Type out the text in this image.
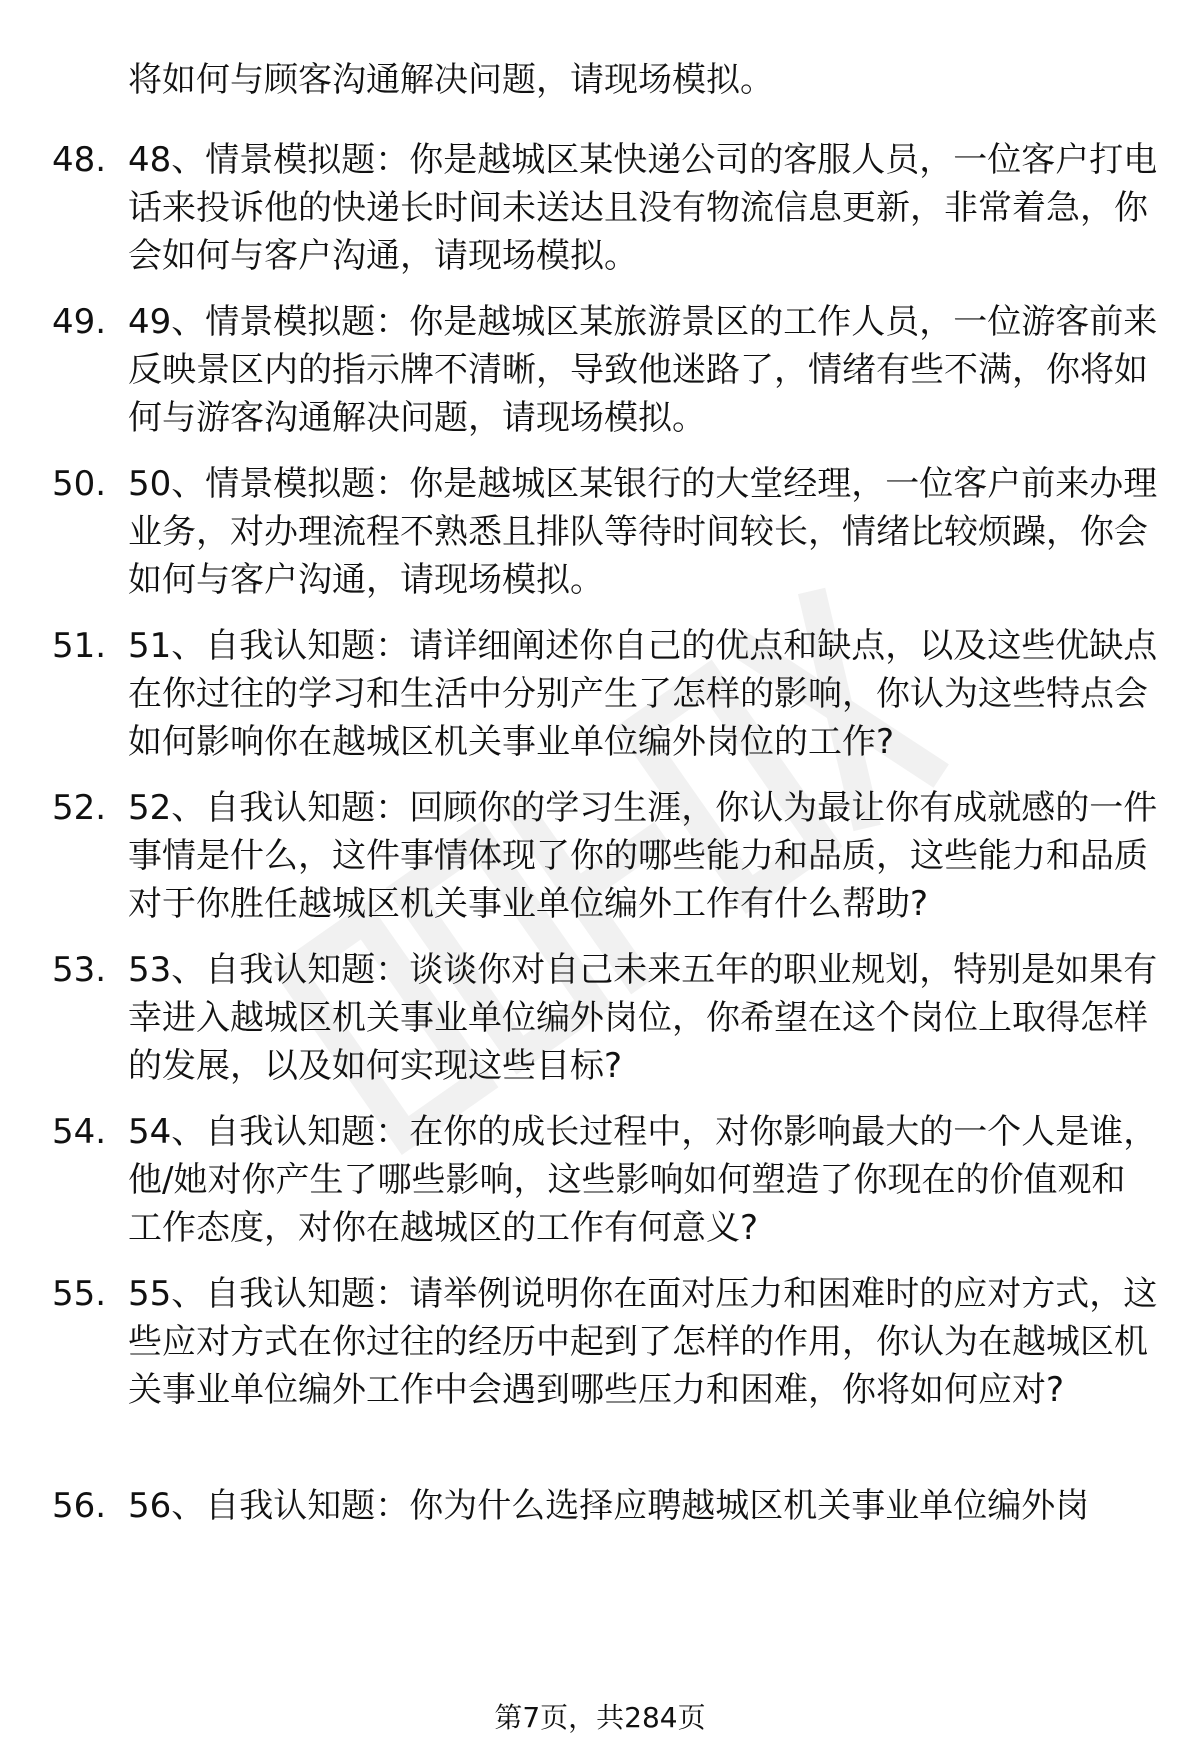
将如何与顾客沟通解决问题，请现场模拟。

48. 48、情景模拟题：你是越城区某快递公司的客服人员，一位客户打电话来投诉他的快递长时间未送达且没有物流信息更新，非常着急，你会如何与客户沟通，请现场模拟。

49. 49、情景模拟题：你是越城区某旅游景区的工作人员，一位游客前来反映景区内的指示牌不清晰，导致他迷路了，情绪有些不满，你将如何与游客沟通解决问题，请现场模拟。

50. 50、情景模拟题：你是越城区某银行的大堂经理，一位客户前来办理业务，对办理流程不熟悉且排队等待时间较长，情绪比较烦躁，你会如何与客户沟通，请现场模拟。

51. 51、自我认知题：请详细阐述你自己的优点和缺点，以及这些优缺点在你过往的学习和生活中分别产生了怎样的影响，你认为这些特点会如何影响你在越城区机关事业单位编外岗位的工作?

52. 52、自我认知题：回顾你的学习生涯，你认为最让你有成就感的一件事情是什么，这件事情体现了你的哪些能力和品质，这些能力和品质对于你胜任越城区机关事业单位编外工作有什么帮助?

53. 53、自我认知题：谈谈你对自己未来五年的职业规划，特别是如果有幸进入越城区机关事业单位编外岗位，你希望在这个岗位上取得怎样的发展，以及如何实现这些目标?

54. 54、自我认知题：在你的成长过程中，对你影响最大的一个人是谁，他/她对你产生了哪些影响，这些影响如何塑造了你现在的价值观和工作态度，对你在越城区的工作有何意义?

55. 55、自我认知题：请举例说明你在面对压力和困难时的应对方式，这些应对方式在你过往的经历中起到了怎样的作用，你认为在越城区机关事业单位编外工作中会遇到哪些压力和困难，你将如何应对?

56. 56、自我认知题：你为什么选择应聘越城区机关事业单位编外岗

第7页，共284页
